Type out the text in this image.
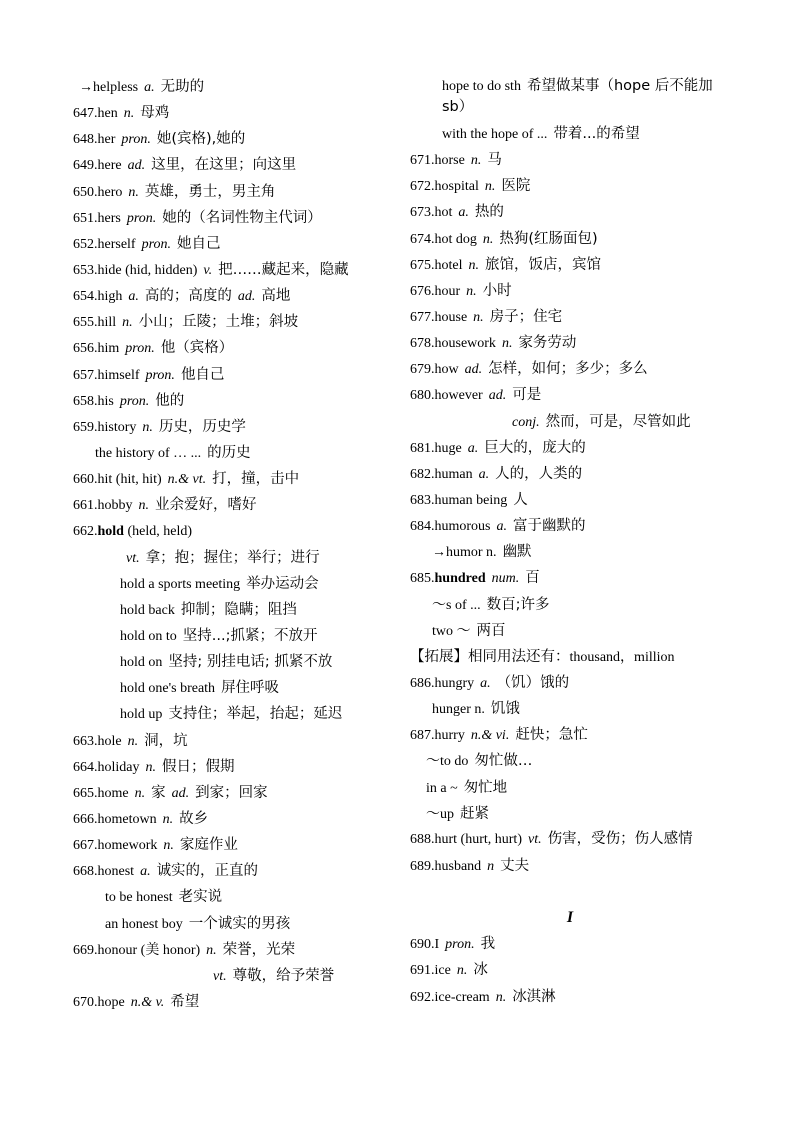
→helpless a. 无助的
647.hen n. 母鸡
648.her pron. 她(宾格),她的
649.here ad. 这里，在这里；向这里
650.hero n. 英雄，勇士，男主角
651.hers pron. 她的（名词性物主代词）
652.herself pron. 她自己
653.hide (hid, hidden) v. 把……藏起来，隐藏
654.high a. 高的；高度的 ad. 高地
655.hill n. 小山；丘陵；土堆；斜坡
656.him pron. 他（宾格）
657.himself pron. 他自己
658.his pron. 他的
659.history n. 历史，历史学
the history of … ... 的历史
660.hit (hit, hit) n.& vt. 打，撞，击中
661.hobby n. 业余爱好，嗜好
662.hold (held, held)
vt. 拿；抱；握住；举行；进行
hold a sports meeting 举办运动会
hold back 抑制；隐瞒；阻挡
hold on to 坚持...;抓紧；不放开
hold on 坚持; 别挂电话; 抓紧不放
hold one's breath 屏住呼吸
hold up 支持住；举起，抬起；延迟
663.hole n. 洞，坑
664.holiday n. 假日；假期
665.home n. 家 ad. 到家；回家
666.hometown n. 故乡
667.homework n. 家庭作业
668.honest a. 诚实的，正直的
to be honest 老实说
an honest boy 一个诚实的男孩
669.honour (美 honor) n. 荣誉，光荣
vt. 尊敬，给予荣誉
670.hope n.& v. 希望
hope to do sth 希望做某事（hope 后不能加 sb）
with the hope of ... 带着...的希望
671.horse n. 马
672.hospital n. 医院
673.hot a. 热的
674.hot dog n. 热狗(红肠面包)
675.hotel n. 旅馆，饭店，宾馆
676.hour n. 小时
677.house n. 房子；住宅
678.housework n. 家务劳动
679.how ad. 怎样，如何；多少；多么
680.however ad. 可是
conj. 然而，可是，尽管如此
681.huge a. 巨大的，庞大的
682.human a. 人的，人类的
683.human being 人
684.humorous a. 富于幽默的
→humor n. 幽默
685.hundred num. 百
～s of ... 数百;许多
two ～ 两百
【拓展】相同用法还有：thousand，million
686.hungry a. （饥）饿的
hunger n. 饥饿
687.hurry n.& vi. 赶快；急忙
～to do 匆忙做…
in a ~ 匆忙地
～up 赶紧
688.hurt (hurt, hurt) vt. 伤害，受伤；伤人感情
689.husband n 丈夫
I
690.I pron. 我
691.ice n. 冰
692.ice-cream n. 冰淇淋
